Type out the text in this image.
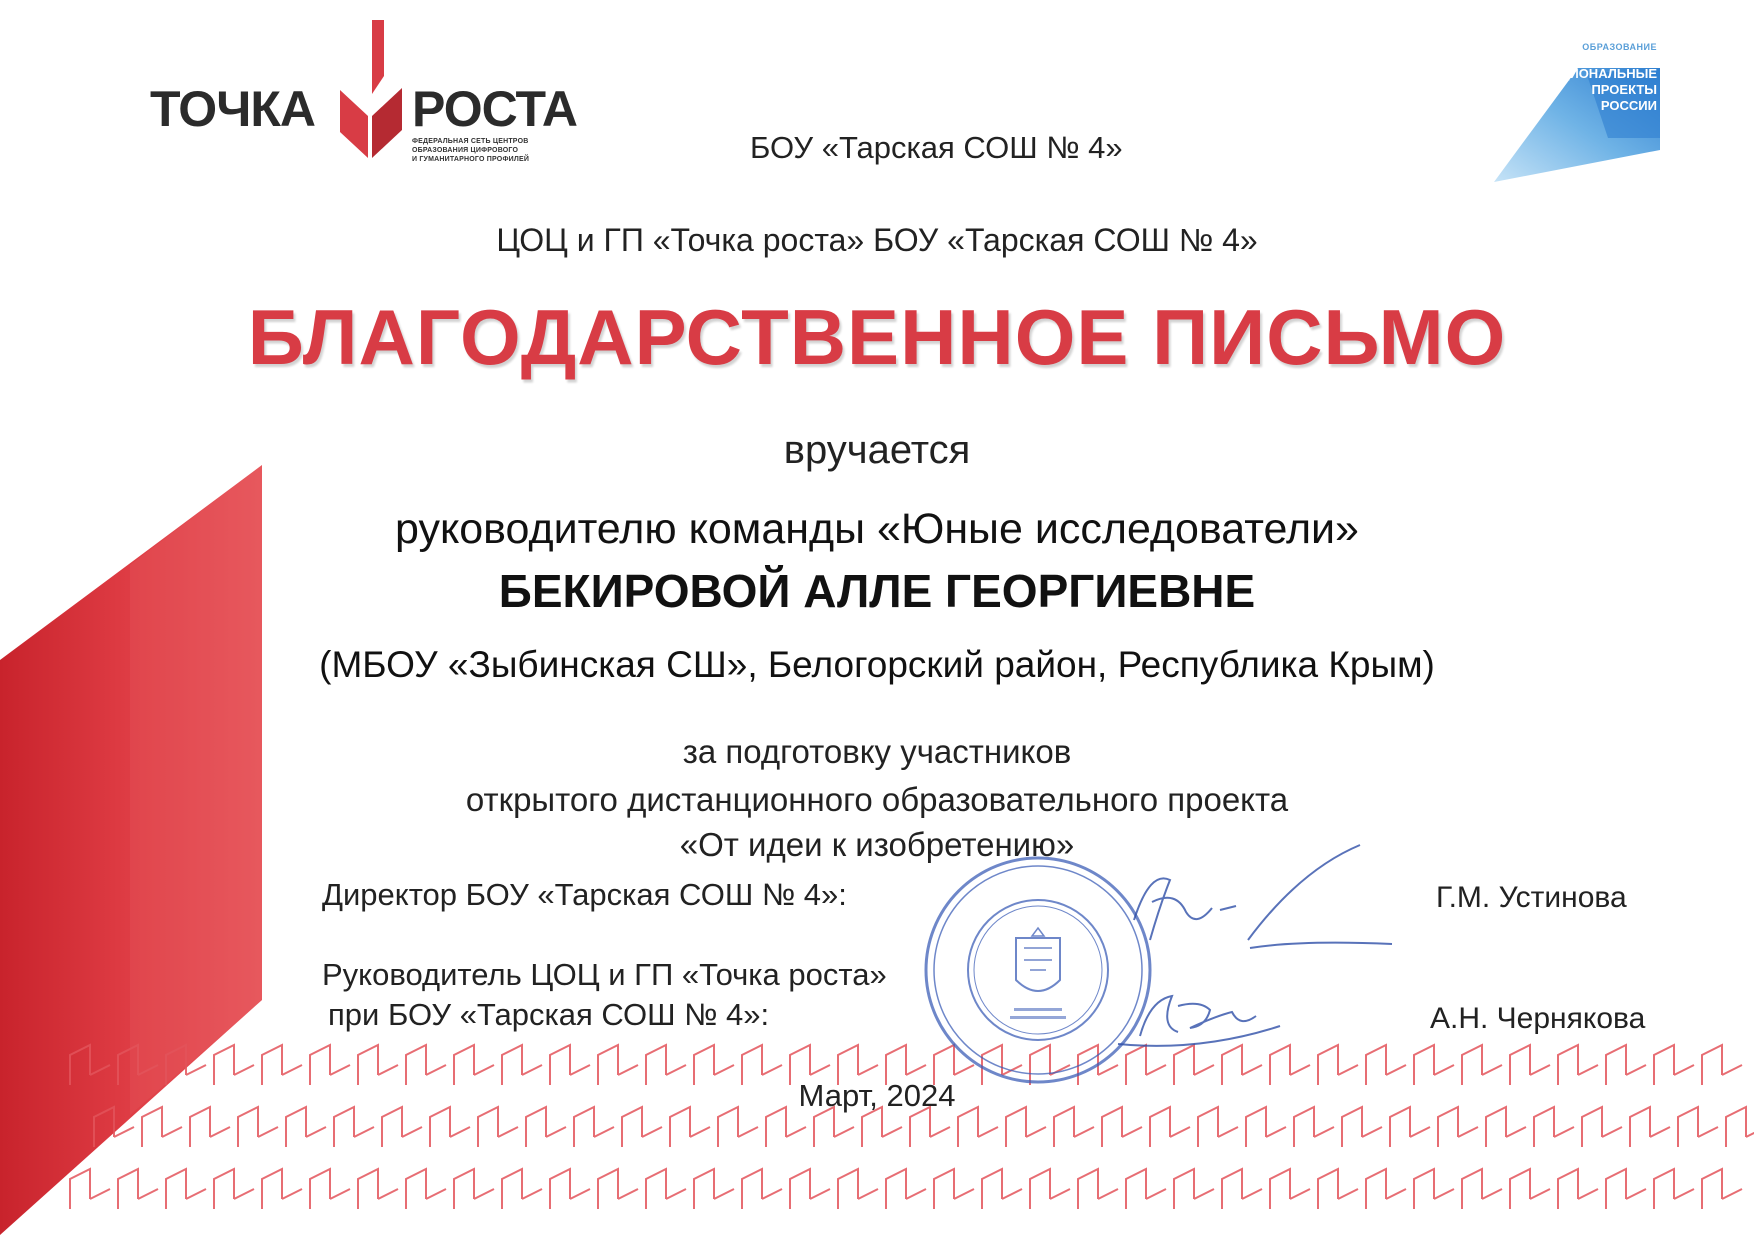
ТОЧКА РОСТА
ФЕДЕРАЛЬНАЯ СЕТЬ ЦЕНТРОВ
ОБРАЗОВАНИЯ ЦИФРОВОГО
И ГУМАНИТАРНОГО ПРОФИЛЕЙ
ОБРАЗОВАНИЕ
НАЦИОНАЛЬНЫЕ
ПРОЕКТЫ
РОССИИ
БОУ «Тарская СОШ № 4»
ЦОЦ и ГП «Точка роста» БОУ «Тарская СОШ № 4»
БЛАГОДАРСТВЕННОЕ ПИСЬМО
вручается
руководителю команды «Юные исследователи»
БЕКИРОВОЙ АЛЛЕ ГЕОРГИЕВНЕ
(МБОУ «Зыбинская СШ», Белогорский район, Республика Крым)
за подготовку участников
открытого дистанционного образовательного проекта
«От идеи к изобретению»
Директор БОУ «Тарская СОШ № 4»:	Г.М. Устинова
Руководитель ЦОЦ и ГП «Точка роста»
при БОУ «Тарская СОШ № 4»:	А.Н. Чернякова
Март, 2024
